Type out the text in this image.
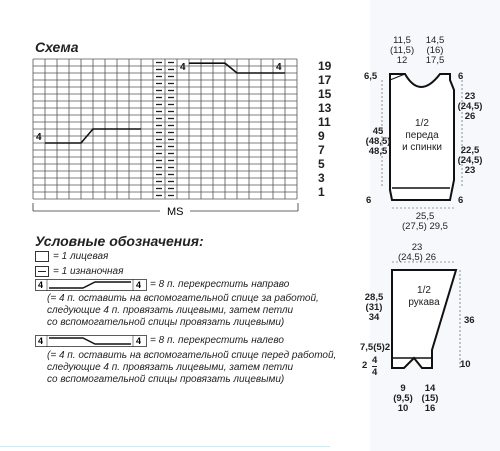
Схема
4
4	4
MS
19
17
15
13
11
9
7
5
3
1
Условные обозначения:
= 1 лицевая
= 1 изнаночная
4	4 = 8 п. перекрестить направо
(= 4 п. оставить на вспомогательной спице за работой,
следующие 4 п. провязать лицевыми, затем петли
со вспомогательной спицы провязать лицевыми)
4	4 = 8 п. перекрестить налево
(= 4 п. оставить на вспомогательной спице перед работой,
следующие 4 п. провязать лицевыми, затем петли
со вспомогательной спицы провязать лицевыми)
11,5
(11,5)
12
14,5
(16)
17,5
6,5	6
45
(48,5)
48,5
23
(24,5)
26
22,5
(24,5)
23
1/2
переда
и спинки
6	6
25,5
(27,5) 29,5
23
(24,5) 26
1/2
рукава
28,5
(31)
34	36
7,5(5)2
2 4
4
10
9
(9,5)
10
14
(15)
16
